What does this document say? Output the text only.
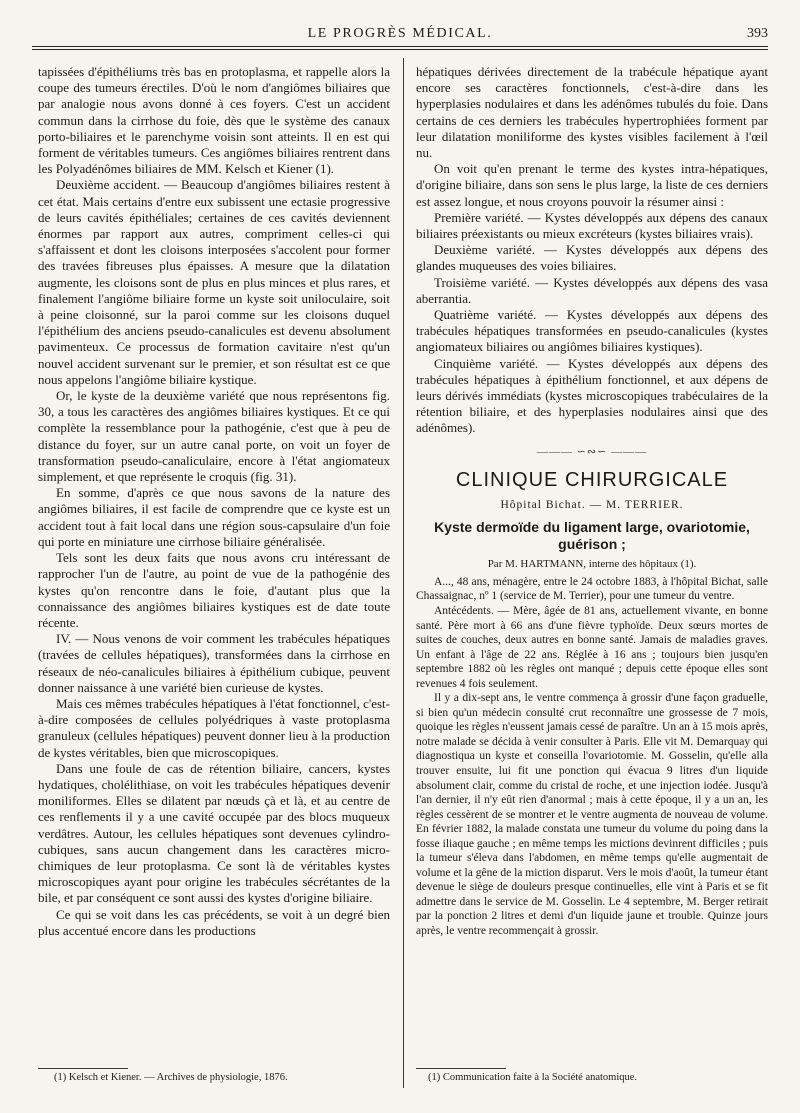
LE PROGRÈS MÉDICAL.	393

tapissées d'épithéliums très bas en protoplasma, et rappelle alors la coupe des tumeurs érectiles. D'où le nom d'angiômes biliaires que par analogie nous avons donné à ces foyers. C'est un accident commun dans la cirrhose du foie, dès que le système des canaux porto-biliaires et le parenchyme voisin sont atteints. Il en est qui forment de véritables tumeurs. Ces angiômes biliaires rentrent dans les Polyadénômes biliaires de MM. Kelsch et Kiener (1).

Deuxième accident. — Beaucoup d'angiômes biliaires restent à cet état. Mais certains d'entre eux subissent une ectasie progressive de leurs cavités épithéliales; certaines de ces cavités deviennent énormes par rapport aux autres, compriment celles-ci qui s'affaissent et dont les cloisons interposées s'accolent pour former des travées fibreuses plus épaisses. A mesure que la dilatation augmente, les cloisons sont de plus en plus minces et plus rares, et finalement l'angiôme biliaire forme un kyste soit uniloculaire, soit à peine cloisonné, sur la paroi comme sur les cloisons duquel l'épithélium des anciens pseudo-canalicules est devenu absolument pavimenteux. Ce processus de formation cavitaire n'est qu'un nouvel accident survenant sur le premier, et son résultat est ce que nous appelons l'angiôme biliaire kystique.

Or, le kyste de la deuxième variété que nous représentons fig. 30, a tous les caractères des angiômes biliaires kystiques. Et ce qui complète la ressemblance pour la pathogénie, c'est que à peu de distance du foyer, sur un autre canal porte, on voit un foyer de transformation pseudo-canaliculaire, encore à l'état angiomateux simplement, et que représente le croquis (fig. 31).

En somme, d'après ce que nous savons de la nature des angiômes biliaires, il est facile de comprendre que ce kyste est un accident tout à fait local dans une région sous-capsulaire d'un foie qui porte en miniature une cirrhose biliaire généralisée.

Tels sont les deux faits que nous avons cru intéressant de rapprocher l'un de l'autre, au point de vue de la pathogénie des kystes qu'on rencontre dans le foie, d'autant plus que la connaissance des angiômes biliaires kystiques est de date toute récente.

IV. — Nous venons de voir comment les trabécules hépatiques (travées de cellules hépatiques), transformées dans la cirrhose en réseaux de néo-canalicules biliaires à épithélium cubique, peuvent donner naissance à une variété bien curieuse de kystes.

Mais ces mêmes trabécules hépatiques à l'état fonctionnel, c'est-à-dire composées de cellules polyédriques à vaste protoplasma granuleux (cellules hépatiques) peuvent donner lieu à la production de kystes véritables, bien que microscopiques.

Dans une foule de cas de rétention biliaire, cancers, kystes hydatiques, cholélithiase, on voit les trabécules hépatiques devenir moniliformes. Elles se dilatent par nœuds çà et là, et au centre de ces renflements il y a une cavité occupée par des blocs muqueux verdâtres. Autour, les cellules hépatiques sont devenues cylindro-cubiques, sans aucun changement dans les caractères micro-chimiques de leur protoplasma. Ce sont là de véritables kystes microscopiques ayant pour origine les trabécules sécrétantes de la bile, et par conséquent ce sont aussi des kystes d'origine biliaire.

Ce qui se voit dans les cas précédents, se voit à un degré bien plus accentué encore dans les productions

hépatiques dérivées directement de la trabécule hépatique ayant encore ses caractères fonctionnels, c'est-à-dire dans les hyperplasies nodulaires et dans les adénômes tubulés du foie. Dans certains de ces derniers les trabécules hypertrophiées forment par leur dilatation moniliforme des kystes visibles facilement à l'œil nu.

On voit qu'en prenant le terme des kystes intra-hépatiques, d'origine biliaire, dans son sens le plus large, la liste de ces derniers est assez longue, et nous croyons pouvoir la résumer ainsi :

Première variété. — Kystes développés aux dépens des canaux biliaires préexistants ou mieux excréteurs (kystes biliaires vrais).

Deuxième variété. — Kystes développés aux dépens des glandes muqueuses des voies biliaires.

Troisième variété. — Kystes développés aux dépens des vasa aberrantia.

Quatrième variété. — Kystes développés aux dépens des trabécules hépatiques transformées en pseudo-canalicules (kystes angiomateux biliaires ou angiômes biliaires kystiques).

Cinquième variété. — Kystes développés aux dépens des trabécules hépatiques à épithélium fonctionnel, et aux dépens de leurs dérivés immédiats (kystes microscopiques trabéculaires de la rétention biliaire, et des hyperplasies nodulaires ainsi que des adénômes).

——— ∽∾∽ ———
CLINIQUE CHIRURGICALE
Hôpital Bichat. — M. TERRIER.
Kyste dermoïde du ligament large, ovariotomie, guérison ;
Par M. HARTMANN, interne des hôpitaux (1).

A..., 48 ans, ménagère, entre le 24 octobre 1883, à l'hôpital Bichat, salle Chassaignac, nº 1 (service de M. Terrier), pour une tumeur du ventre.

Antécédents. — Mère, âgée de 81 ans, actuellement vivante, en bonne santé. Père mort à 66 ans d'une fièvre typhoïde. Deux sœurs mortes de suites de couches, deux autres en bonne santé. Jamais de maladies graves. Un enfant à l'âge de 22 ans. Réglée à 16 ans ; toujours bien jusqu'en septembre 1882 où les règles ont manqué ; depuis cette époque elles sont revenues 4 fois seulement.

Il y a dix-sept ans, le ventre commença à grossir d'une façon graduelle, si bien qu'un médecin consulté crut reconnaître une grossesse de 7 mois, quoique les règles n'eussent jamais cessé de paraître. Un an à 15 mois après, notre malade se décida à venir consulter à Paris. Elle vit M. Demarquay qui diagnostiqua un kyste et conseilla l'ovariotomie. M. Gosselin, qu'elle alla trouver ensuite, lui fit une ponction qui évacua 9 litres d'un liquide absolument clair, comme du cristal de roche, et une injection iodée. Jusqu'à l'an dernier, il n'y eût rien d'anormal ; mais à cette époque, il y a un an, les règles cessèrent de se montrer et le ventre augmenta de nouveau de volume. En février 1882, la malade constata une tumeur du volume du poing dans la fosse iliaque gauche ; en même temps les mictions devinrent difficiles ; puis la tumeur s'éleva dans l'abdomen, en même temps qu'elle augmentait de volume et la gêne de la miction disparut. Vers le mois d'août, la tumeur étant devenue le siège de douleurs presque continuelles, elle vint à Paris et se fit admettre dans le service de M. Gosselin. Le 4 septembre, M. Berger retirait par la ponction 2 litres et demi d'un liquide jaune et trouble. Quinze jours après, le ventre recommençait à grossir.

(1) Kelsch et Kiener. — Archives de physiologie, 1876.	(1) Communication faite à la Société anatomique.
